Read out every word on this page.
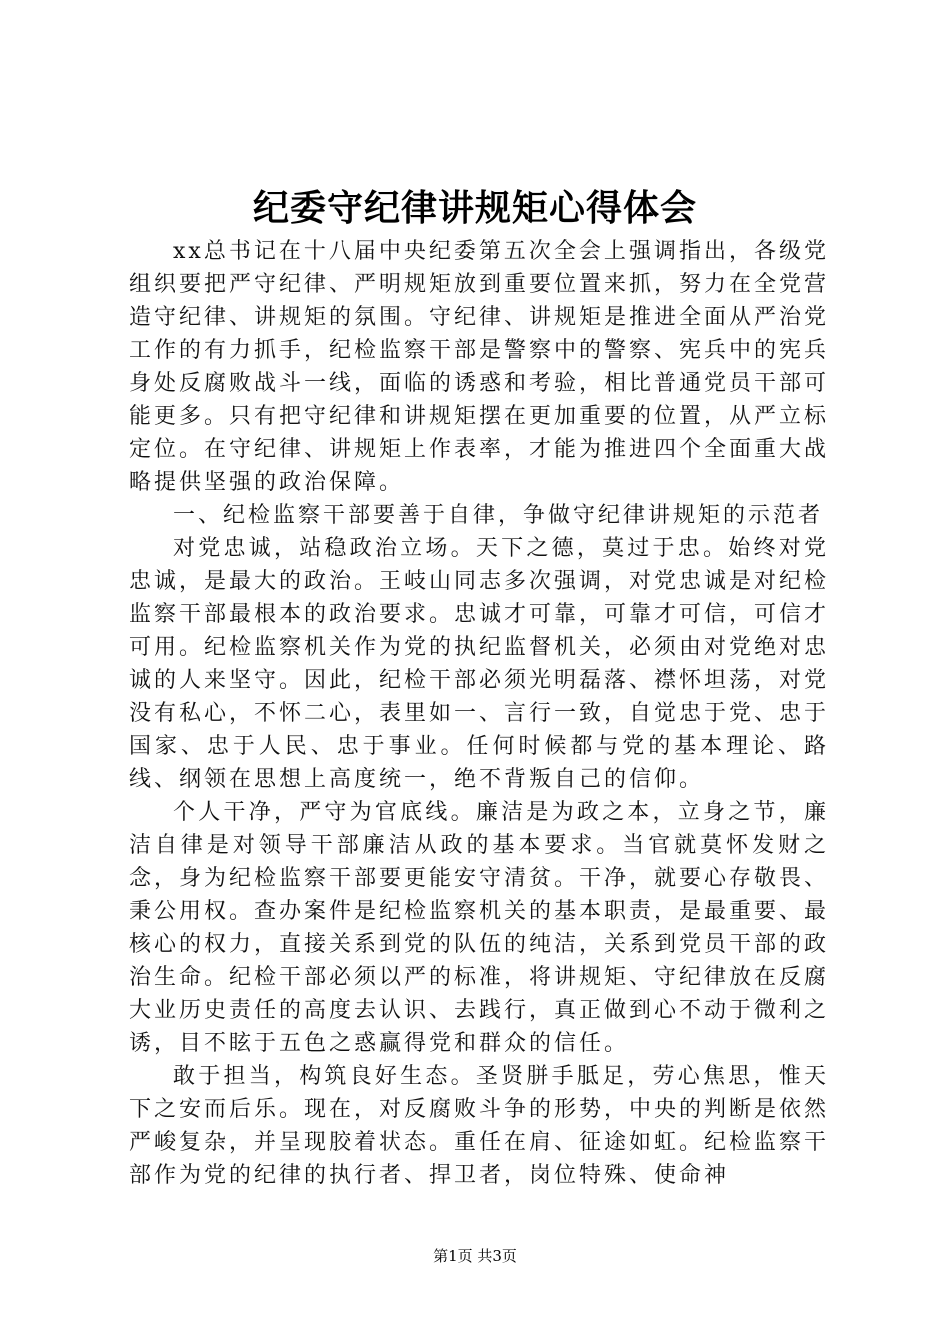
纪委守纪律讲规矩心得体会

xx总书记在十八届中央纪委第五次全会上强调指出，各级党组织要把严守纪律、严明规矩放到重要位置来抓，努力在全党营造守纪律、讲规矩的氛围。守纪律、讲规矩是推进全面从严治党工作的有力抓手，纪检监察干部是警察中的警察、宪兵中的宪兵身处反腐败战斗一线，面临的诱惑和考验，相比普通党员干部可能更多。只有把守纪律和讲规矩摆在更加重要的位置，从严立标定位。在守纪律、讲规矩上作表率，才能为推进四个全面重大战略提供坚强的政治保障。

一、纪检监察干部要善于自律，争做守纪律讲规矩的示范者

对党忠诚，站稳政治立场。天下之德，莫过于忠。始终对党忠诚，是最大的政治。王岐山同志多次强调，对党忠诚是对纪检监察干部最根本的政治要求。忠诚才可靠，可靠才可信，可信才可用。纪检监察机关作为党的执纪监督机关，必须由对党绝对忠诚的人来坚守。因此，纪检干部必须光明磊落、襟怀坦荡，对党没有私心，不怀二心，表里如一、言行一致，自觉忠于党、忠于国家、忠于人民、忠于事业。任何时候都与党的基本理论、路线、纲领在思想上高度统一，绝不背叛自己的信仰。

个人干净，严守为官底线。廉洁是为政之本，立身之节，廉洁自律是对领导干部廉洁从政的基本要求。当官就莫怀发财之念，身为纪检监察干部要更能安守清贫。干净，就要心存敬畏、秉公用权。查办案件是纪检监察机关的基本职责，是最重要、最核心的权力，直接关系到党的队伍的纯洁，关系到党员干部的政治生命。纪检干部必须以严的标准，将讲规矩、守纪律放在反腐大业历史责任的高度去认识、去践行，真正做到心不动于微利之诱，目不眩于五色之惑赢得党和群众的信任。

敢于担当，构筑良好生态。圣贤胼手胝足，劳心焦思，惟天下之安而后乐。现在，对反腐败斗争的形势，中央的判断是依然严峻复杂，并呈现胶着状态。重任在肩、征途如虹。纪检监察干部作为党的纪律的执行者、捍卫者，岗位特殊、使命神

第1页 共3页
